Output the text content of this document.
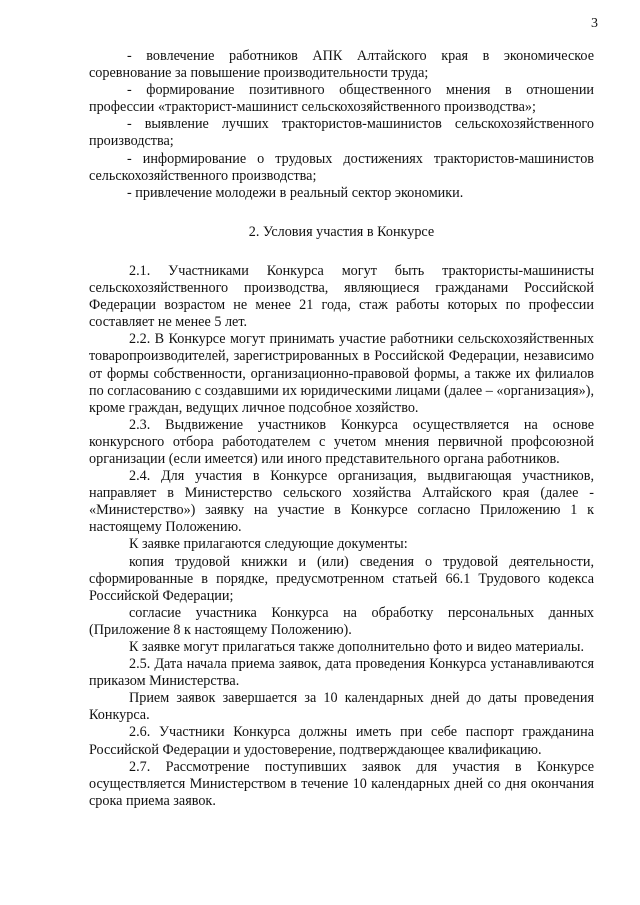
3

- вовлечение работников АПК Алтайского края в экономическое соревнование за повышение производительности труда;

- формирование позитивного общественного мнения в отношении профессии «тракторист-машинист сельскохозяйственного производства»;

- выявление лучших трактористов-машинистов сельскохозяйственного производства;

- информирование о трудовых достижениях трактористов-машинистов сельскохозяйственного производства;

- привлечение молодежи в реальный сектор экономики.

2. Условия участия в Конкурсе

2.1. Участниками Конкурса могут быть трактористы-машинисты сельскохозяйственного производства, являющиеся гражданами Российской Федерации возрастом не менее 21 года, стаж работы которых по профессии составляет не менее 5 лет.

2.2. В Конкурсе могут принимать участие работники сельскохозяйственных товаропроизводителей, зарегистрированных в Российской Федерации, независимо от формы собственности, организационно-правовой формы, а также их филиалов по согласованию с создавшими их юридическими лицами (далее – «организация»), кроме граждан, ведущих личное подсобное хозяйство.

2.3. Выдвижение участников Конкурса осуществляется на основе конкурсного отбора работодателем с учетом мнения первичной профсоюзной организации (если имеется) или иного представительного органа работников.

2.4. Для участия в Конкурсе организация, выдвигающая участников, направляет в Министерство сельского хозяйства Алтайского края (далее - «Министерство») заявку на участие в Конкурсе согласно Приложению 1 к настоящему Положению.

К заявке прилагаются следующие документы:

копия трудовой книжки и (или) сведения о трудовой деятельности, сформированные в порядке, предусмотренном статьей 66.1 Трудового кодекса Российской Федерации;

согласие участника Конкурса на обработку персональных данных (Приложение 8 к настоящему Положению).

К заявке могут прилагаться также дополнительно фото и видео материалы.

2.5. Дата начала приема заявок, дата проведения Конкурса устанавливаются приказом Министерства.

Прием заявок завершается за 10 календарных дней до даты проведения Конкурса.

2.6. Участники Конкурса должны иметь при себе паспорт гражданина Российской Федерации и удостоверение, подтверждающее квалификацию.

2.7. Рассмотрение поступивших заявок для участия в Конкурсе осуществляется Министерством в течение 10 календарных дней со дня окончания срока приема заявок.
